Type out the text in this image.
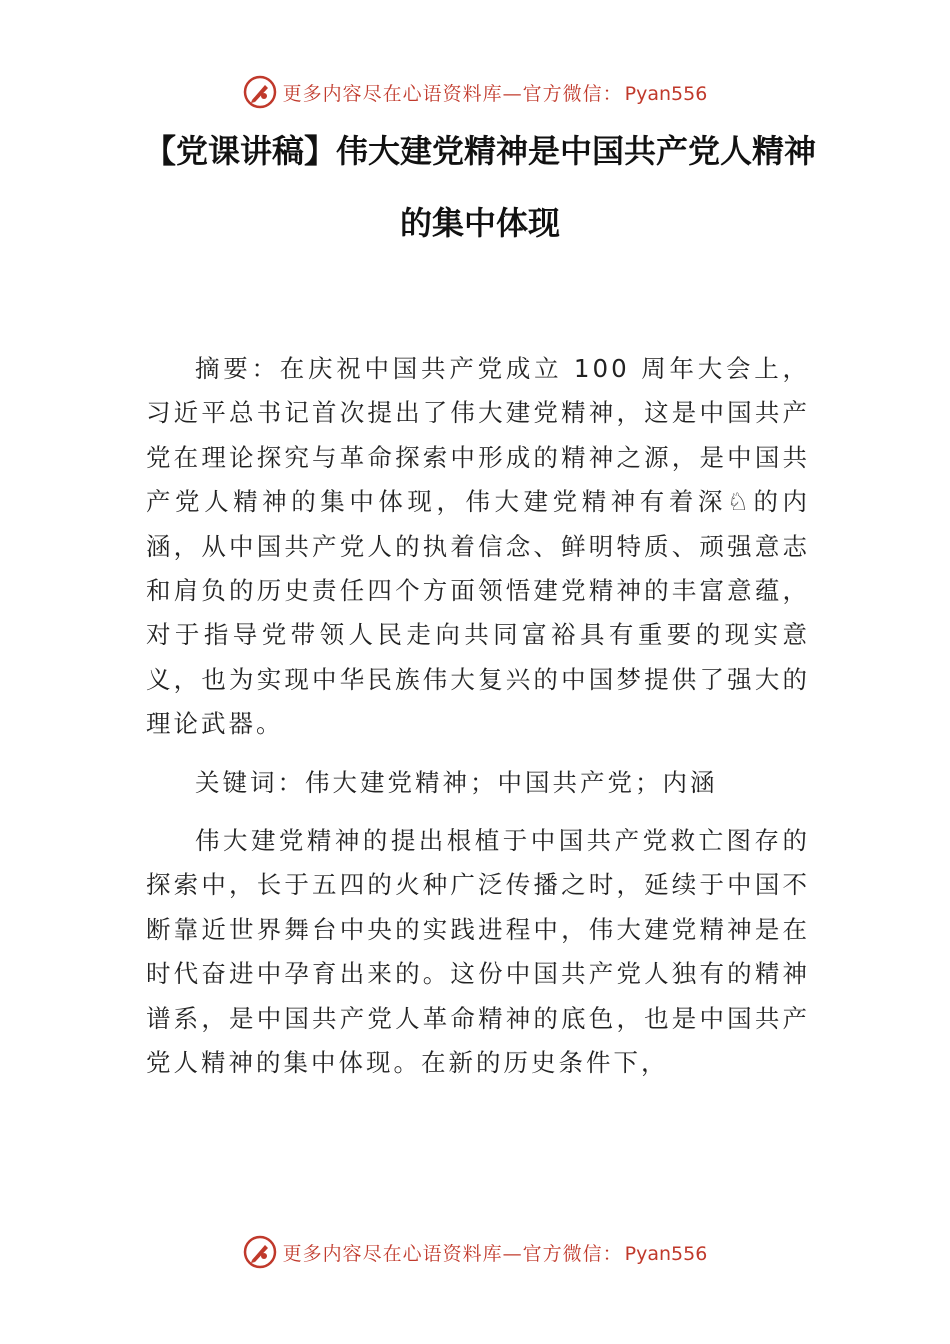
更多内容尽在心语资料库—官方微信： Pyan556
【党课讲稿】伟大建党精神是中国共产党人精神的集中体现

摘要：在庆祝中国共产党成立 100 周年大会上，习近平总书记首次提出了伟大建党精神，这是中国共产党在理论探究与革命探索中形成的精神之源，是中国共产党人精神的集中体现，伟大建党精神有着深♘的内涵，从中国共产党人的执着信念、鲜明特质、顽强意志和肩负的历史责任四个方面领悟建党精神的丰富意蕴，对于指导党带领人民走向共同富裕具有重要的现实意义，也为实现中华民族伟大复兴的中国梦提供了强大的理论武器。

关键词：伟大建党精神；中国共产党；内涵

伟大建党精神的提出根植于中国共产党救亡图存的探索中，长于五四的火种广泛传播之时，延续于中国不断靠近世界舞台中央的实践进程中，伟大建党精神是在时代奋进中孕育出来的。这份中国共产党人独有的精神谱系，是中国共产党人革命精神的底色，也是中国共产党人精神的集中体现。在新的历史条件下，

更多内容尽在心语资料库—官方微信： Pyan556
